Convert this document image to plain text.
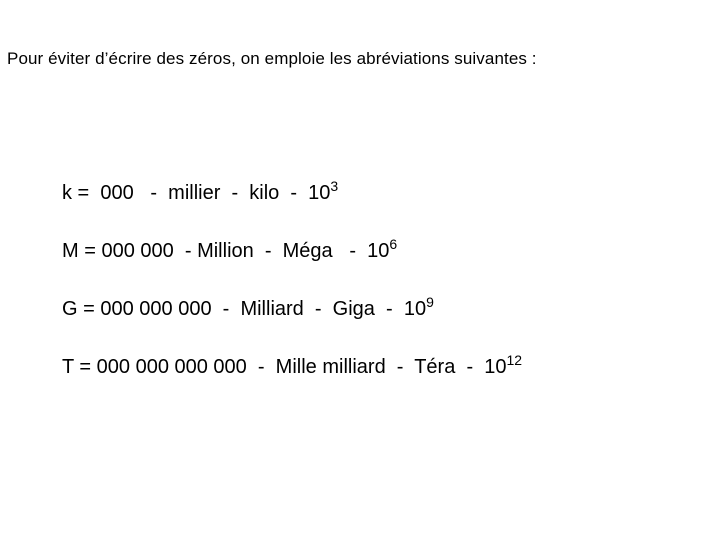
Pour éviter d’écrire des zéros, on emploie les abréviations suivantes :
k =  000   -  millier  -  kilo  -  $10^3$
M = 000 000  - Million  -  Méga   -  $10^6$
G = 000 000 000  -  Milliard  -  Giga  -  $10^9$
T = 000 000 000 000  -  Mille milliard  -  Téra  -  $10^{12}$
